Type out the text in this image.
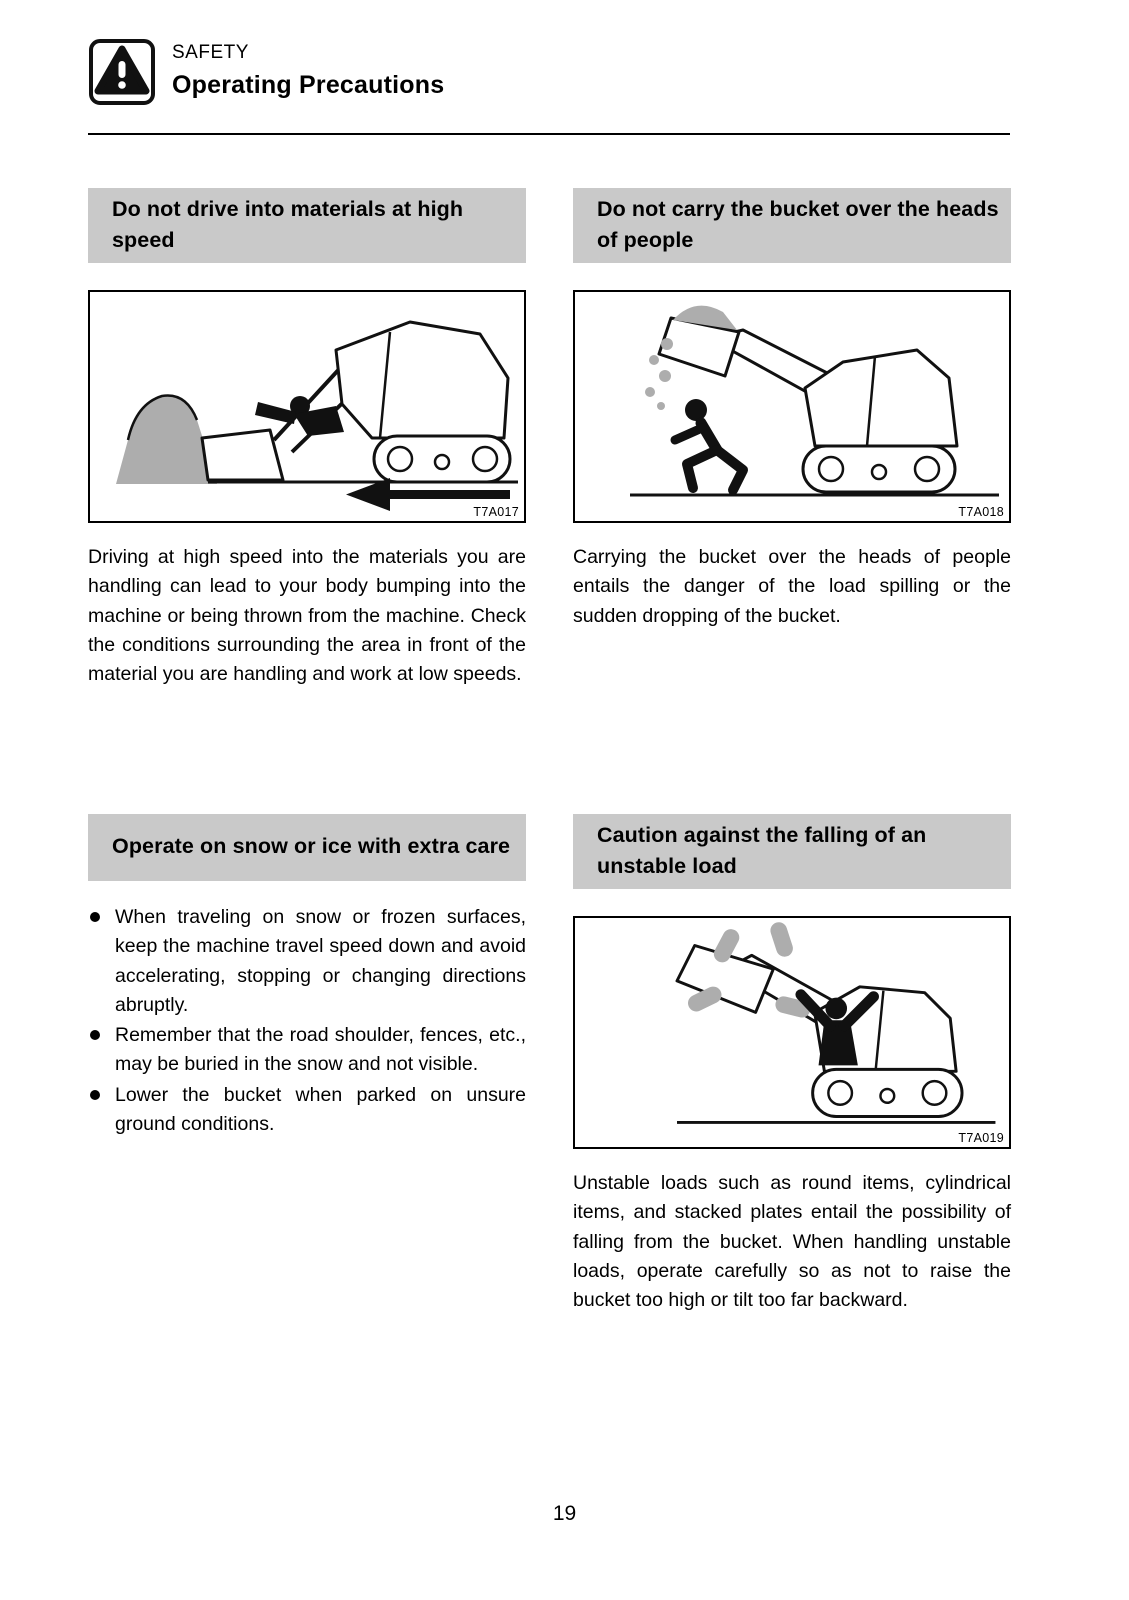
SAFETY
Operating Precautions
Do not drive into materials at high speed
T7A017

Driving at high speed into the materials you are handling can lead to your body bumping into the machine or being thrown from the machine. Check the conditions surrounding the area in front of the material you are handling and work at low speeds.

Do not carry the bucket over the heads of people
T7A018

Carrying the bucket over the heads of people entails the danger of the load spilling or the sudden dropping of the bucket.

Operate on snow or ice with extra care
When traveling on snow or frozen surfaces, keep the machine travel speed down and avoid accelerating, stopping or changing directions abruptly.
Remember that the road shoulder, fences, etc., may be buried in the snow and not visible.
Lower the bucket when parked on unsure ground conditions.
Caution against the falling of an unstable load
T7A019

Unstable loads such as round items, cylindrical items, and stacked plates entail the possibility of falling from the bucket. When handling unstable loads, operate carefully so as not to raise the bucket too high or tilt too far backward.

19
